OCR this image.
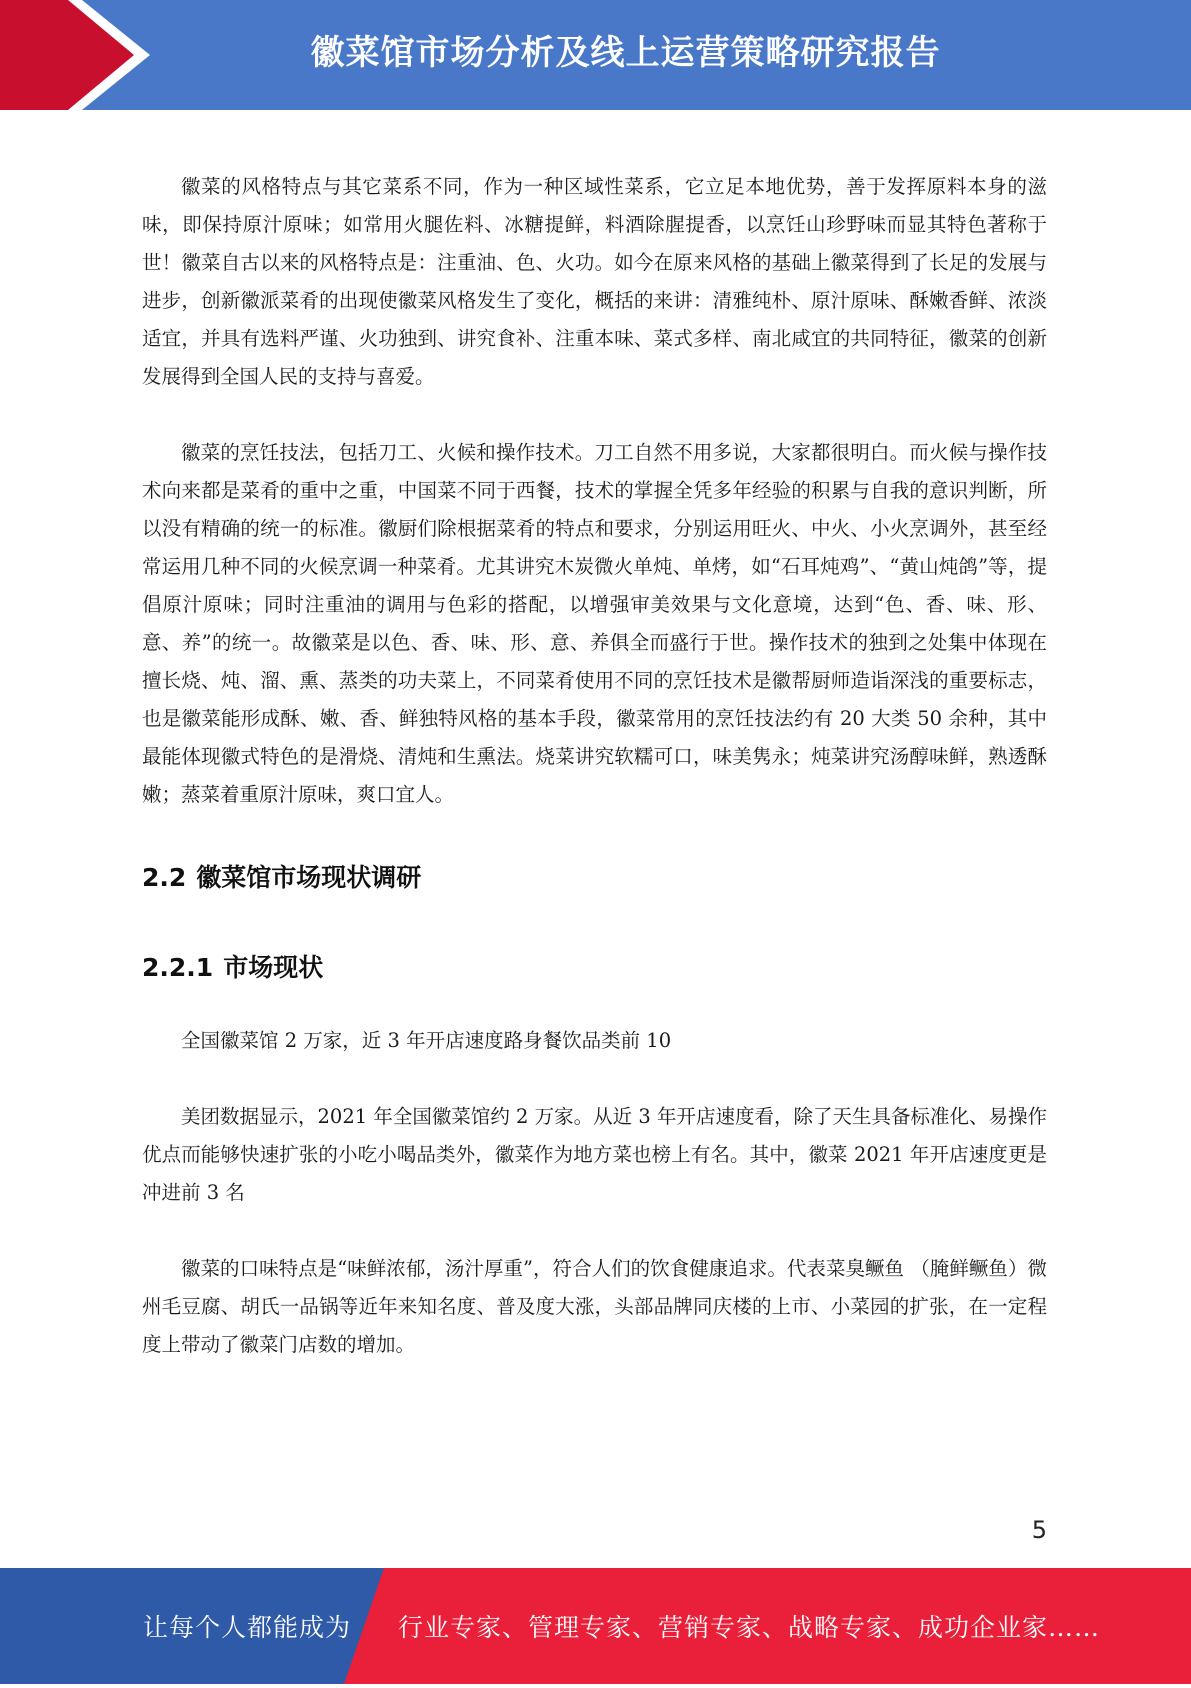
徽菜馆市场分析及线上运营策略研究报告

徽菜的风格特点与其它菜系不同，作为一种区域性菜系，它立足本地优势，善于发挥原料本身的滋味，即保持原汁原味；如常用火腿佐料、冰糖提鲜，料酒除腥提香，以烹饪山珍野味而显其特色著称于世！徽菜自古以来的风格特点是：注重油、色、火功。如今在原来风格的基础上徽菜得到了长足的发展与进步，创新徽派菜肴的出现使徽菜风格发生了变化，概括的来讲：清雅纯朴、原汁原味、酥嫩香鲜、浓淡适宜，并具有选料严谨、火功独到、讲究食补、注重本味、菜式多样、南北咸宜的共同特征，徽菜的创新发展得到全国人民的支持与喜爱。

徽菜的烹饪技法，包括刀工、火候和操作技术。刀工自然不用多说，大家都很明白。而火候与操作技术向来都是菜肴的重中之重，中国菜不同于西餐，技术的掌握全凭多年经验的积累与自我的意识判断，所以没有精确的统一的标准。徽厨们除根据菜肴的特点和要求，分别运用旺火、中火、小火烹调外，甚至经常运用几种不同的火候烹调一种菜肴。尤其讲究木炭微火单炖、单烤，如“石耳炖鸡”、“黄山炖鸽”等，提倡原汁原味；同时注重油的调用与色彩的搭配，以增强审美效果与文化意境，达到“色、香、味、形、意、养”的统一。故徽菜是以色、香、味、形、意、养俱全而盛行于世。操作技术的独到之处集中体现在擅长烧、炖、溜、熏、蒸类的功夫菜上，不同菜肴使用不同的烹饪技术是徽帮厨师造诣深浅的重要标志，也是徽菜能形成酥、嫩、香、鲜独特风格的基本手段，徽菜常用的烹饪技法约有 20 大类 50 余种，其中最能体现徽式特色的是滑烧、清炖和生熏法。烧菜讲究软糯可口，味美隽永；炖菜讲究汤醇味鲜，熟透酥嫩；蒸菜着重原汁原味，爽口宜人。

2.2 徽菜馆市场现状调研
2.2.1 市场现状

全国徽菜馆 2 万家，近 3 年开店速度路身餐饮品类前 10

美团数据显示，2021 年全国徽菜馆约 2 万家。从近 3 年开店速度看，除了天生具备标准化、易操作优点而能够快速扩张的小吃小喝品类外，徽菜作为地方菜也榜上有名。其中，徽菜 2021 年开店速度更是冲进前 3 名

徽菜的口味特点是“味鲜浓郁，汤汁厚重”，符合人们的饮食健康追求。代表菜臭鳜鱼 （腌鲜鳜鱼）微州毛豆腐、胡氏一品锅等近年来知名度、普及度大涨，头部品牌同庆楼的上市、小菜园的扩张，在一定程度上带动了徽菜门店数的增加。

5
让每个人都能成为 行业专家、管理专家、营销专家、战略专家、成功企业家……
